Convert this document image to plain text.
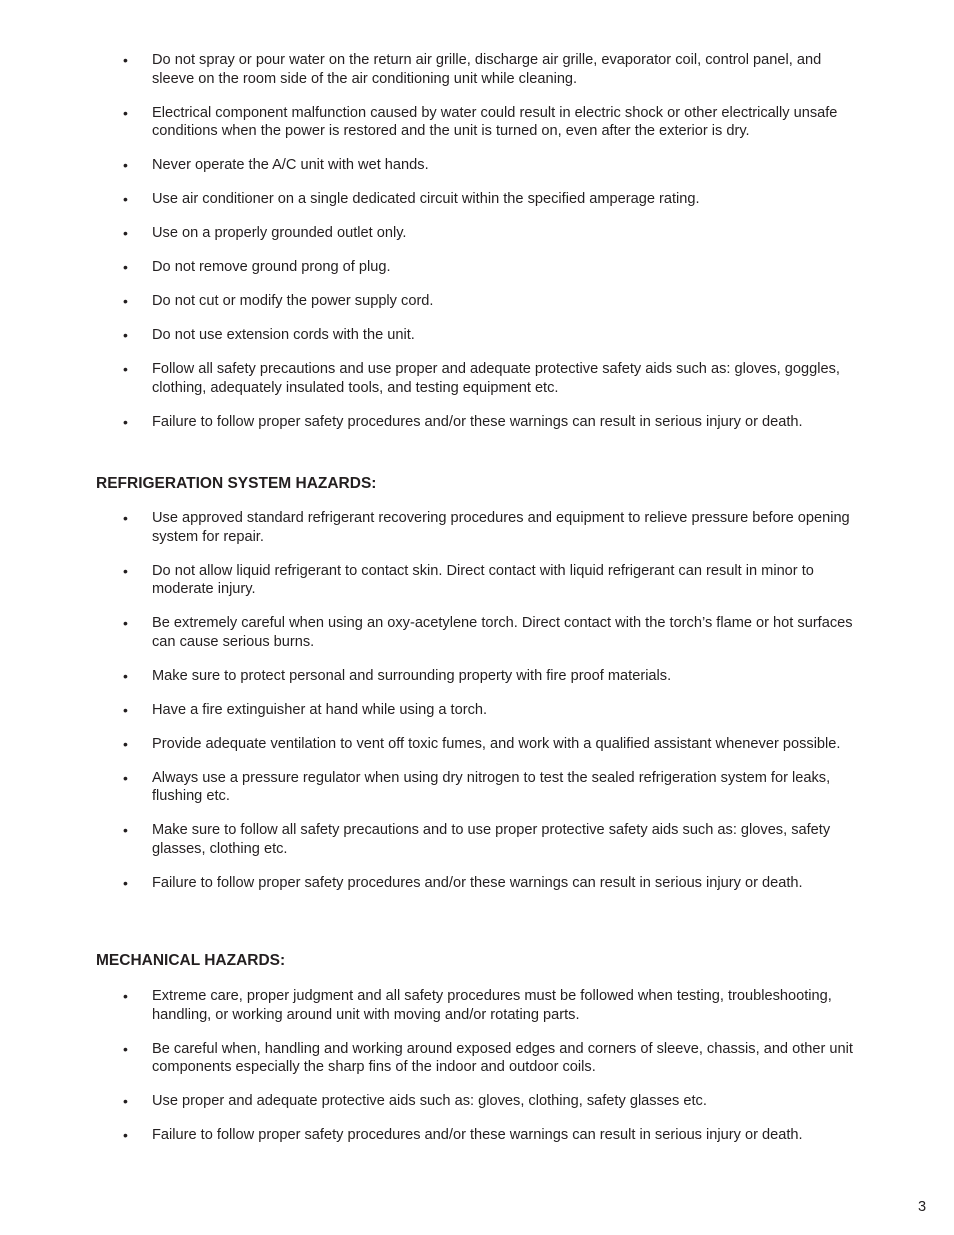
• Do not spray or pour water on the return air grille, discharge air grille, evaporator coil, control panel, and sleeve on the room side of the air conditioning unit while cleaning.
• Electrical component malfunction caused by water could result in electric shock or other electrically unsafe conditions when the power is restored and the unit is turned on, even after the exterior is dry.
• Never operate the A/C unit with wet hands.
• Use air conditioner on a single dedicated circuit within the specified amperage rating.
• Use on a properly grounded outlet only.
• Do not remove ground prong of plug.
• Do not cut or modify the power supply cord.
• Do not use extension cords with the unit.
• Follow all safety precautions and use proper and adequate protective safety aids such as: gloves, goggles, clothing, adequately insulated tools, and testing equipment etc.
• Failure to follow proper safety procedures and/or these warnings can result in serious injury or death.
REFRIGERATION SYSTEM HAZARDS:
• Use approved standard refrigerant recovering procedures and equipment to relieve pressure before opening system for repair.
• Do not allow liquid refrigerant to contact skin. Direct contact with liquid refrigerant can result in minor to moderate injury.
• Be extremely careful when using an oxy-acetylene torch. Direct contact with the torch’s flame or hot surfaces can cause serious burns.
• Make sure to protect personal and surrounding property with fire proof materials.
• Have a fire extinguisher at hand while using a torch.
• Provide adequate ventilation to vent off toxic fumes, and work with a qualified assistant whenever possible.
• Always use a pressure regulator when using dry nitrogen to test the sealed refrigeration system for leaks, flushing etc.
• Make sure to follow all safety precautions and to use proper protective safety aids such as: gloves, safety glasses, clothing etc.
• Failure to follow proper safety procedures and/or these warnings can result in serious injury or death.
MECHANICAL HAZARDS:
• Extreme care, proper judgment and all safety procedures must be followed when testing, troubleshooting, handling, or working around unit with moving and/or rotating parts.
• Be careful when, handling and working around exposed edges and corners of sleeve, chassis, and other unit components especially the sharp fins of the indoor and outdoor coils.
• Use proper and adequate protective aids such as: gloves, clothing, safety glasses etc.
• Failure to follow proper safety procedures and/or these warnings can result in serious injury or death.
3
